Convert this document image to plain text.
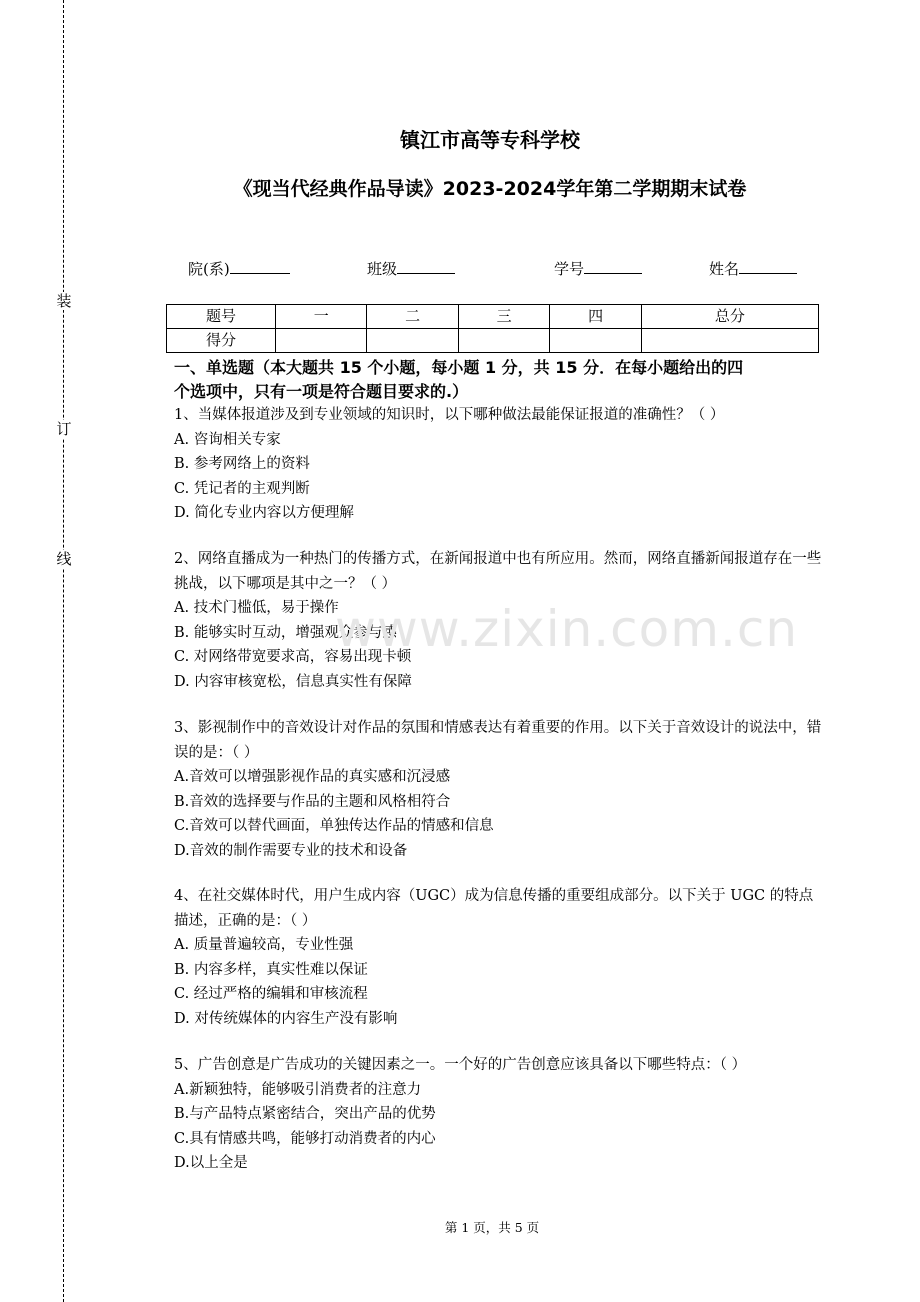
装
订
线
镇江市高等专科学校
《现当代经典作品导读》2023-2024学年第二学期期末试卷
院(系)	班级	学号	姓名
题号	一	二	三	四	总分
得分					
一、单选题（本大题共 15 个小题，每小题 1 分，共 15 分．在每小题给出的四
个选项中，只有一项是符合题目要求的.）

1、当媒体报道涉及到专业领域的知识时，以下哪种做法最能保证报道的准确性？（ ）

A. 咨询相关专家

B. 参考网络上的资料

C. 凭记者的主观判断

D. 简化专业内容以方便理解

2、网络直播成为一种热门的传播方式，在新闻报道中也有所应用。然而，网络直播新闻报道存在一些挑战，以下哪项是其中之一？（ ）

A. 技术门槛低，易于操作

B. 能够实时互动，增强观众参与感

C. 对网络带宽要求高，容易出现卡顿

D. 内容审核宽松，信息真实性有保障

3、影视制作中的音效设计对作品的氛围和情感表达有着重要的作用。以下关于音效设计的说法中，错误的是：（ ）

A.音效可以增强影视作品的真实感和沉浸感

B.音效的选择要与作品的主题和风格相符合

C.音效可以替代画面，单独传达作品的情感和信息

D.音效的制作需要专业的技术和设备

4、在社交媒体时代，用户生成内容（UGC）成为信息传播的重要组成部分。以下关于 UGC 的特点描述，正确的是：（ ）

A. 质量普遍较高，专业性强

B. 内容多样，真实性难以保证

C. 经过严格的编辑和审核流程

D. 对传统媒体的内容生产没有影响

5、广告创意是广告成功的关键因素之一。一个好的广告创意应该具备以下哪些特点：（ ）

A.新颖独特，能够吸引消费者的注意力

B.与产品特点紧密结合，突出产品的优势

C.具有情感共鸣，能够打动消费者的内心

D.以上全是

www.zixin.com.cn
第 1 页，共 5 页
